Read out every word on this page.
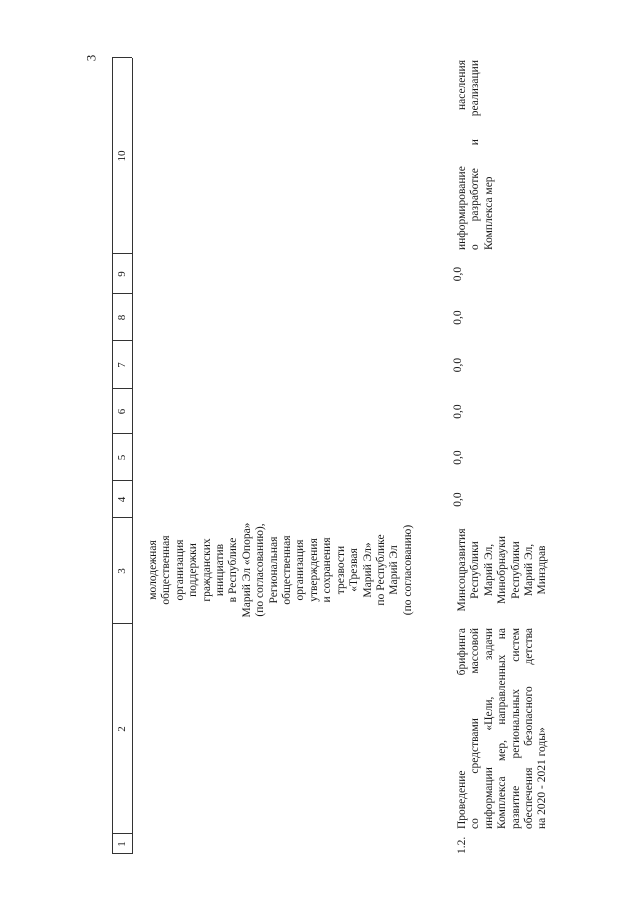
3
1
2
3
4
5
6
7
8
9
10
молодежная общественная организация поддержки гражданских инициатив в Республике Марий Эл «Опора» (по согласованию), Региональная общественная организация утверждения и сохранения трезвости «Трезвая Марий Эл» по Республике Марий Эл (по согласованию)
1.2.
Проведение брифинга со средствами массовой информации «Цели, задачи Комплекса мер, направленных на развитие региональных систем обеспечения безопасного детства на 2020 - 2021 годы»
Минсоцразвития Республики Марий Эл, Минобрнауки Республики Марий Эл, Минздрав
0,0
0,0
0,0
0,0
0,0
0,0
информирование населения о разработке и реализации Комплекса мер
